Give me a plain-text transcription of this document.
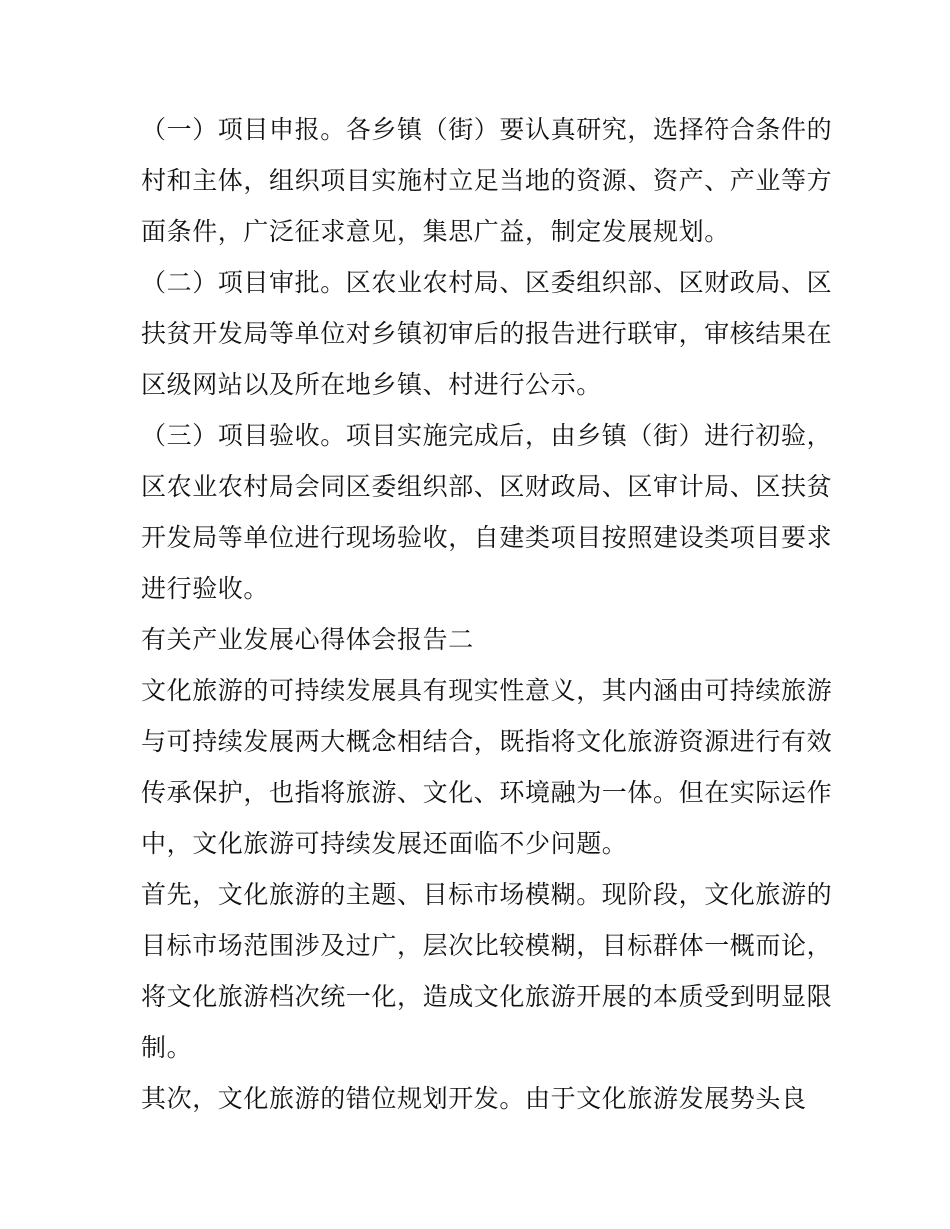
（一）项目申报。各乡镇（街）要认真研究，选择符合条件的
村和主体，组织项目实施村立足当地的资源、资产、产业等方
面条件，广泛征求意见，集思广益，制定发展规划。

（二）项目审批。区农业农村局、区委组织部、区财政局、区
扶贫开发局等单位对乡镇初审后的报告进行联审，审核结果在
区级网站以及所在地乡镇、村进行公示。

（三）项目验收。项目实施完成后，由乡镇（街）进行初验，
区农业农村局会同区委组织部、区财政局、区审计局、区扶贫
开发局等单位进行现场验收，自建类项目按照建设类项目要求
进行验收。

有关产业发展心得体会报告二

文化旅游的可持续发展具有现实性意义，其内涵由可持续旅游
与可持续发展两大概念相结合，既指将文化旅游资源进行有效
传承保护，也指将旅游、文化、环境融为一体。但在实际运作
中，文化旅游可持续发展还面临不少问题。

首先，文化旅游的主题、目标市场模糊。现阶段，文化旅游的
目标市场范围涉及过广，层次比较模糊，目标群体一概而论，
将文化旅游档次统一化，造成文化旅游开展的本质受到明显限
制。

其次，文化旅游的错位规划开发。由于文化旅游发展势头良
